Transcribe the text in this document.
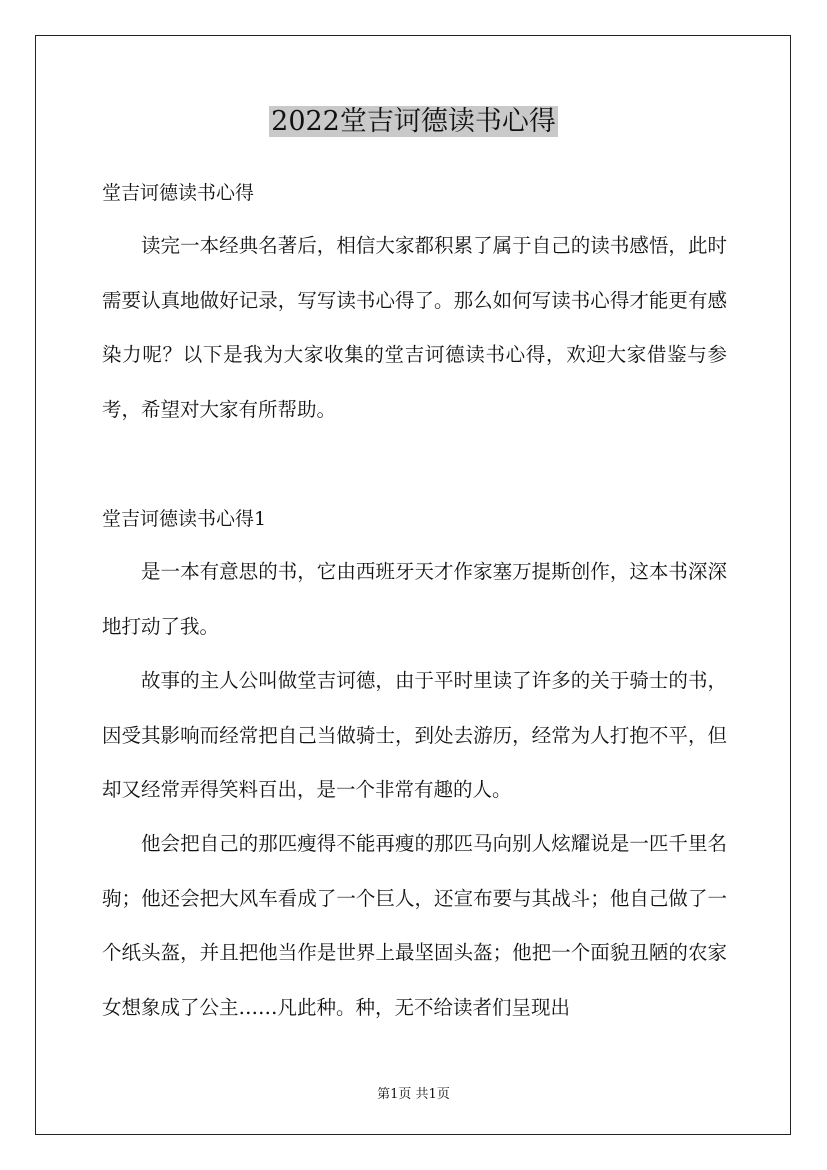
2022堂吉诃德读书心得

堂吉诃德读书心得

读完一本经典名著后，相信大家都积累了属于自己的读书感悟，此时需要认真地做好记录，写写读书心得了。那么如何写读书心得才能更有感染力呢？以下是我为大家收集的堂吉诃德读书心得，欢迎大家借鉴与参考，希望对大家有所帮助。

堂吉诃德读书心得1

是一本有意思的书，它由西班牙天才作家塞万提斯创作，这本书深深地打动了我。

故事的主人公叫做堂吉诃德，由于平时里读了许多的关于骑士的书，因受其影响而经常把自己当做骑士，到处去游历，经常为人打抱不平，但却又经常弄得笑料百出，是一个非常有趣的人。

他会把自己的那匹瘦得不能再瘦的那匹马向别人炫耀说是一匹千里名驹；他还会把大风车看成了一个巨人，还宣布要与其战斗；他自己做了一个纸头盔，并且把他当作是世界上最坚固头盔；他把一个面貌丑陋的农家女想象成了公主……凡此种。种，无不给读者们呈现出

第1页 共1页
